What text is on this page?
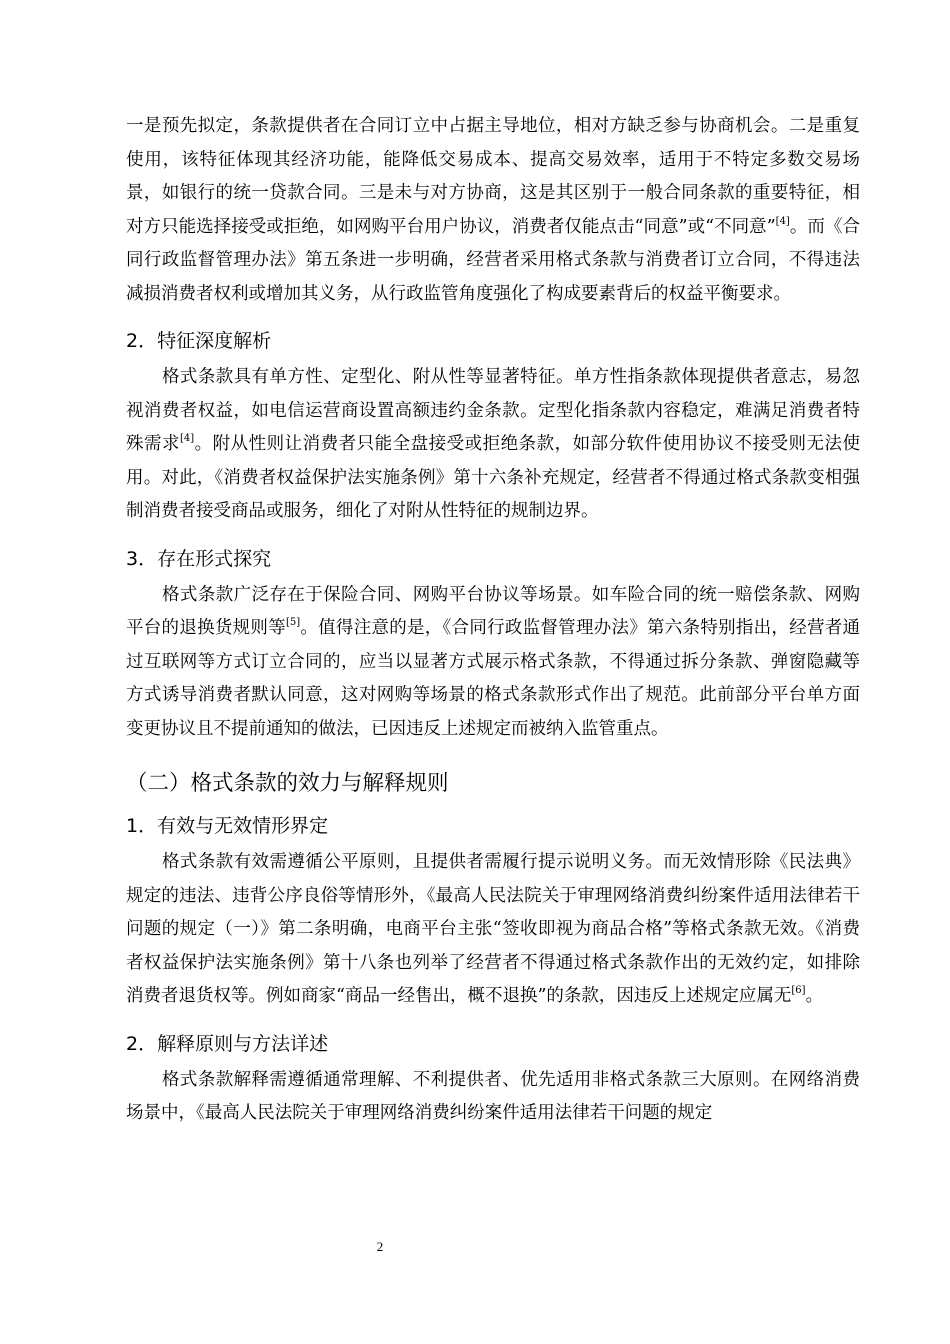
一是预先拟定，条款提供者在合同订立中占据主导地位，相对方缺乏参与协商机会。二是重复使用，该特征体现其经济功能，能降低交易成本、提高交易效率，适用于不特定多数交易场景，如银行的统一贷款合同。三是未与对方协商，这是其区别于一般合同条款的重要特征，相对方只能选择接受或拒绝，如网购平台用户协议，消费者仅能点击“同意”或“不同意”[4]。而《合同行政监督管理办法》第五条进一步明确，经营者采用格式条款与消费者订立合同，不得违法减损消费者权利或增加其义务，从行政监管角度强化了构成要素背后的权益平衡要求。

2．特征深度解析

格式条款具有单方性、定型化、附从性等显著特征。单方性指条款体现提供者意志，易忽视消费者权益，如电信运营商设置高额违约金条款。定型化指条款内容稳定，难满足消费者特殊需求[4]。附从性则让消费者只能全盘接受或拒绝条款，如部分软件使用协议不接受则无法使用。对此，《消费者权益保护法实施条例》第十六条补充规定，经营者不得通过格式条款变相强制消费者接受商品或服务，细化了对附从性特征的规制边界。

3．存在形式探究

格式条款广泛存在于保险合同、网购平台协议等场景。如车险合同的统一赔偿条款、网购平台的退换货规则等[5]。值得注意的是，《合同行政监督管理办法》第六条特别指出，经营者通过互联网等方式订立合同的，应当以显著方式展示格式条款，不得通过拆分条款、弹窗隐藏等方式诱导消费者默认同意，这对网购等场景的格式条款形式作出了规范。此前部分平台单方面变更协议且不提前通知的做法，已因违反上述规定而被纳入监管重点。

（二）格式条款的效力与解释规则
1．有效与无效情形界定

格式条款有效需遵循公平原则，且提供者需履行提示说明义务。而无效情形除《民法典》规定的违法、违背公序良俗等情形外，《最高人民法院关于审理网络消费纠纷案件适用法律若干问题的规定（一）》第二条明确，电商平台主张“签收即视为商品合格”等格式条款无效。《消费者权益保护法实施条例》第十八条也列举了经营者不得通过格式条款作出的无效约定，如排除消费者退货权等。例如商家“商品一经售出，概不退换”的条款，因违反上述规定应属无[6]。

2．解释原则与方法详述

格式条款解释需遵循通常理解、不利提供者、优先适用非格式条款三大原则。在网络消费场景中，《最高人民法院关于审理网络消费纠纷案件适用法律若干问题的规定

2
